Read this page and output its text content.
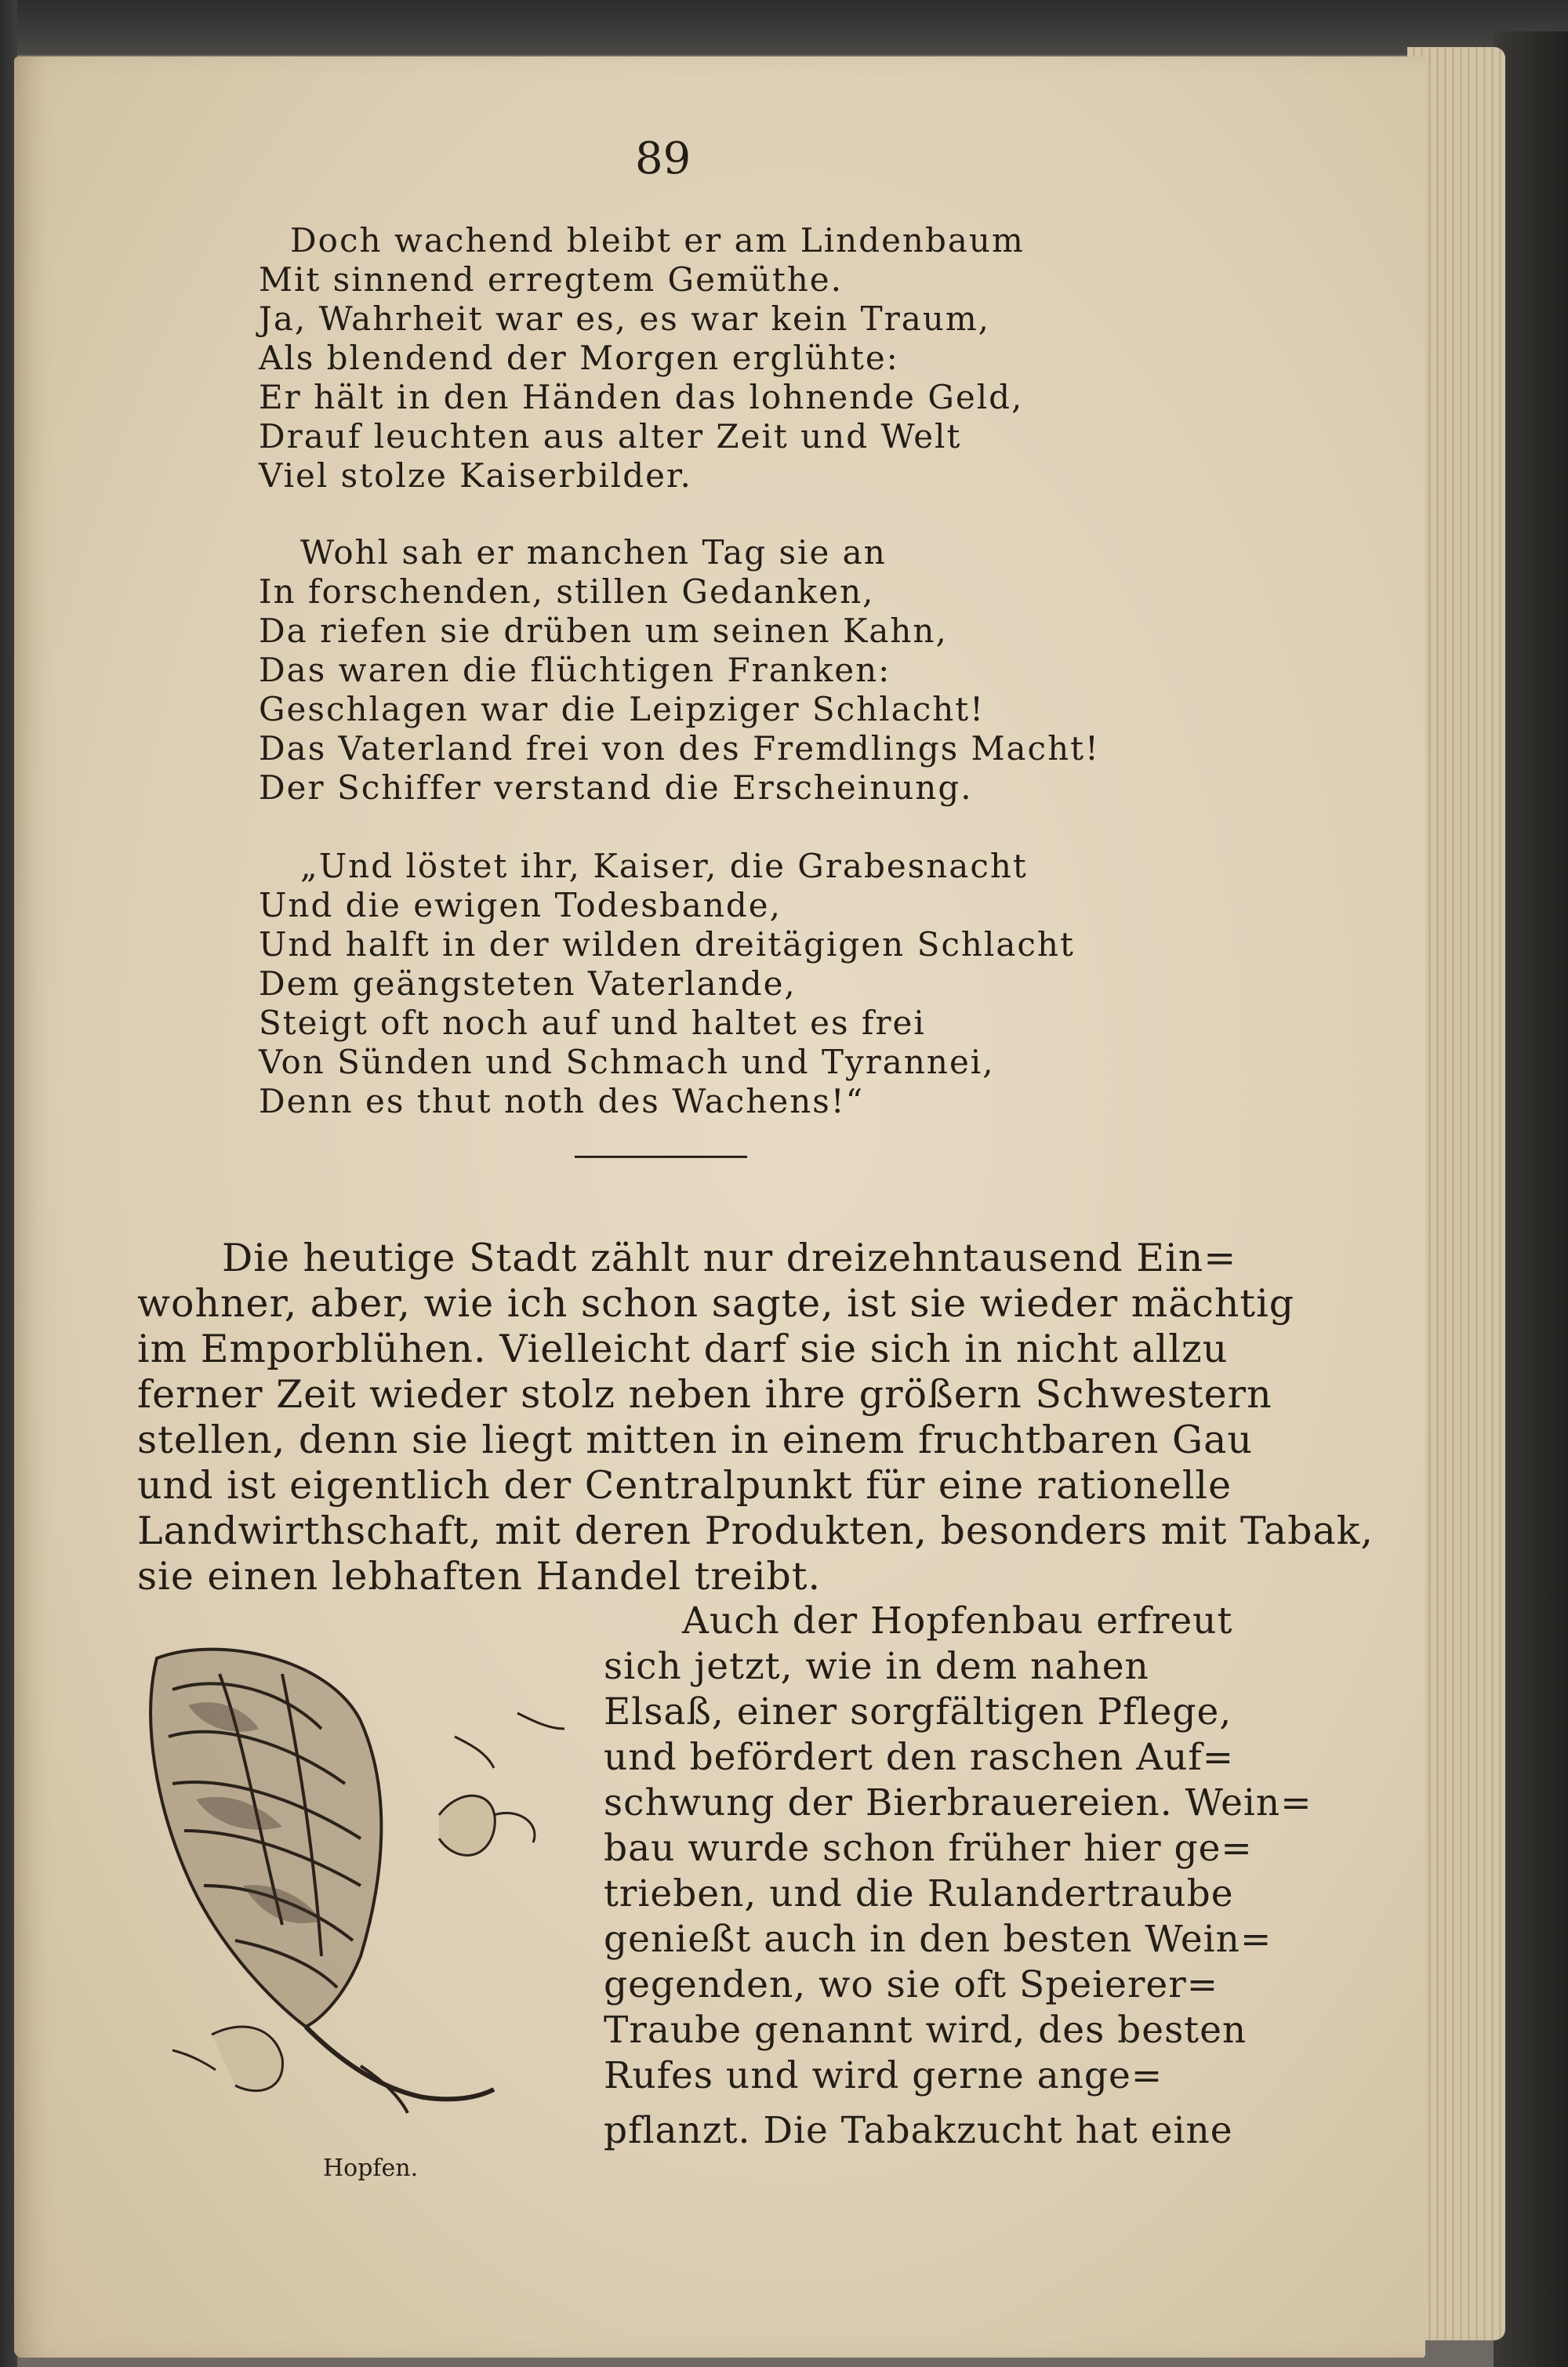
89
Doch wachend bleibt er am Lindenbaum
Mit sinnend erregtem Gemüthe.
Ja, Wahrheit war es, es war kein Traum,
Als blendend der Morgen erglühte:
Er hält in den Händen das lohnende Geld,
Drauf leuchten aus alter Zeit und Welt
Viel stolze Kaiserbilder.
Wohl sah er manchen Tag sie an
In forschenden, stillen Gedanken,
Da riefen sie drüben um seinen Kahn,
Das waren die flüchtigen Franken:
Geschlagen war die Leipziger Schlacht!
Das Vaterland frei von des Fremdlings Macht!
Der Schiffer verstand die Erscheinung.
„Und löstet ihr, Kaiser, die Grabesnacht
Und die ewigen Todesbande,
Und halft in der wilden dreitägigen Schlacht
Dem geängsteten Vaterlande,
Steigt oft noch auf und haltet es frei
Von Sünden und Schmach und Tyrannei,
Denn es thut noth des Wachens!“
Die heutige Stadt zählt nur dreizehntausend Ein=
wohner, aber, wie ich schon sagte, ist sie wieder mächtig
im Emporblühen. Vielleicht darf sie sich in nicht allzu
ferner Zeit wieder stolz neben ihre größern Schwestern
stellen, denn sie liegt mitten in einem fruchtbaren Gau
und ist eigentlich der Centralpunkt für eine rationelle
Landwirthschaft, mit deren Produkten, besonders mit Tabak,
sie einen lebhaften Handel treibt.
Auch der Hopfenbau erfreut
sich jetzt, wie in dem nahen
Elsaß, einer sorgfältigen Pflege,
und befördert den raschen Auf=
schwung der Bierbrauereien. Wein=
bau wurde schon früher hier ge=
trieben, und die Rulandertraube
genießt auch in den besten Wein=
gegenden, wo sie oft Speierer=
Traube genannt wird, des besten
Rufes und wird gerne ange=
pflanzt. Die Tabakzucht hat eine
Hopfen.
